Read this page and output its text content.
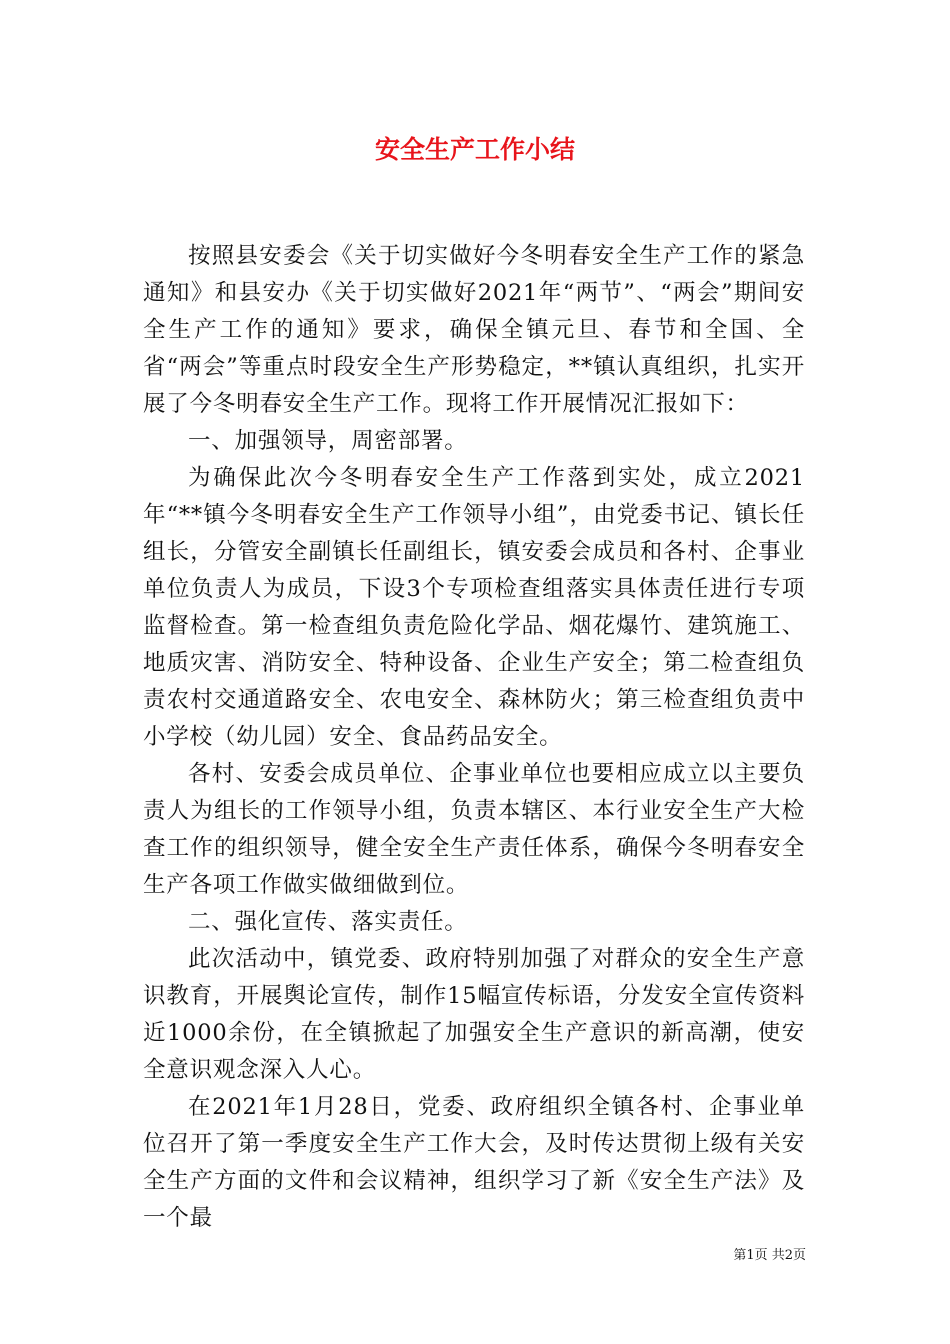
安全生产工作小结

按照县安委会《关于切实做好今冬明春安全生产工作的紧急通知》和县安办《关于切实做好2021年“两节”、“两会”期间安全生产工作的通知》要求，确保全镇元旦、春节和全国、全省“两会”等重点时段安全生产形势稳定，**镇认真组织，扎实开展了今冬明春安全生产工作。现将工作开展情况汇报如下：

一、加强领导，周密部署。

为确保此次今冬明春安全生产工作落到实处，成立2021年“**镇今冬明春安全生产工作领导小组”，由党委书记、镇长任组长，分管安全副镇长任副组长，镇安委会成员和各村、企事业单位负责人为成员，下设3个专项检查组落实具体责任进行专项监督检查。第一检查组负责危险化学品、烟花爆竹、建筑施工、地质灾害、消防安全、特种设备、企业生产安全；第二检查组负责农村交通道路安全、农电安全、森林防火；第三检查组负责中小学校（幼儿园）安全、食品药品安全。

各村、安委会成员单位、企事业单位也要相应成立以主要负责人为组长的工作领导小组，负责本辖区、本行业安全生产大检查工作的组织领导，健全安全生产责任体系，确保今冬明春安全生产各项工作做实做细做到位。

二、强化宣传、落实责任。

此次活动中，镇党委、政府特别加强了对群众的安全生产意识教育，开展舆论宣传，制作15幅宣传标语，分发安全宣传资料近1000余份，在全镇掀起了加强安全生产意识的新高潮，使安全意识观念深入人心。

在2021年1月28日，党委、政府组织全镇各村、企事业单位召开了第一季度安全生产工作大会，及时传达贯彻上级有关安全生产方面的文件和会议精神，组织学习了新《安全生产法》及一个最

第1页 共2页
